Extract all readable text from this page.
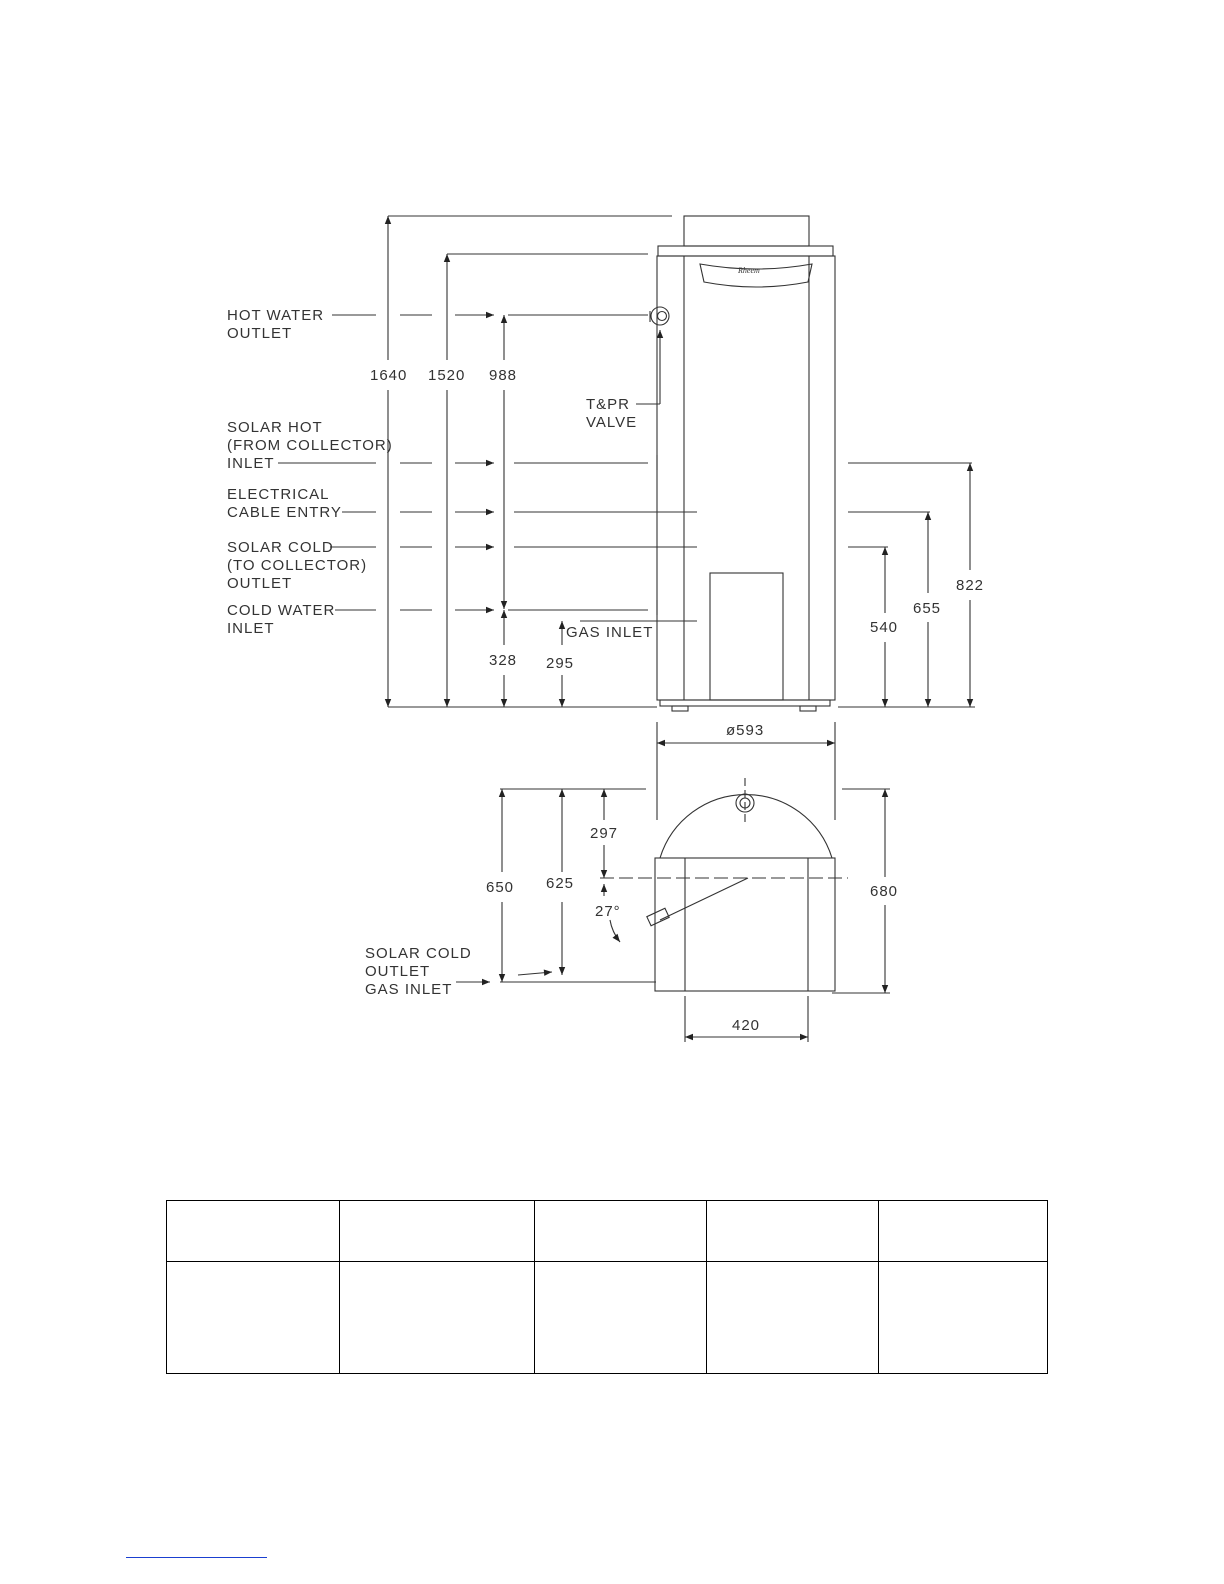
HOT WATER
OUTLET
SOLAR HOT
(FROM COLLECTOR)
INLET
ELECTRICAL
CABLE ENTRY
SOLAR COLD
(TO COLLECTOR)
OUTLET
COLD WATER
INLET
T&PR
VALVE
GAS INLET
Rheem
1640 1520 988
328 295
540
655
822
ø593
650 625
297
27°
680
420
SOLAR COLD
OUTLET
GAS INLET
